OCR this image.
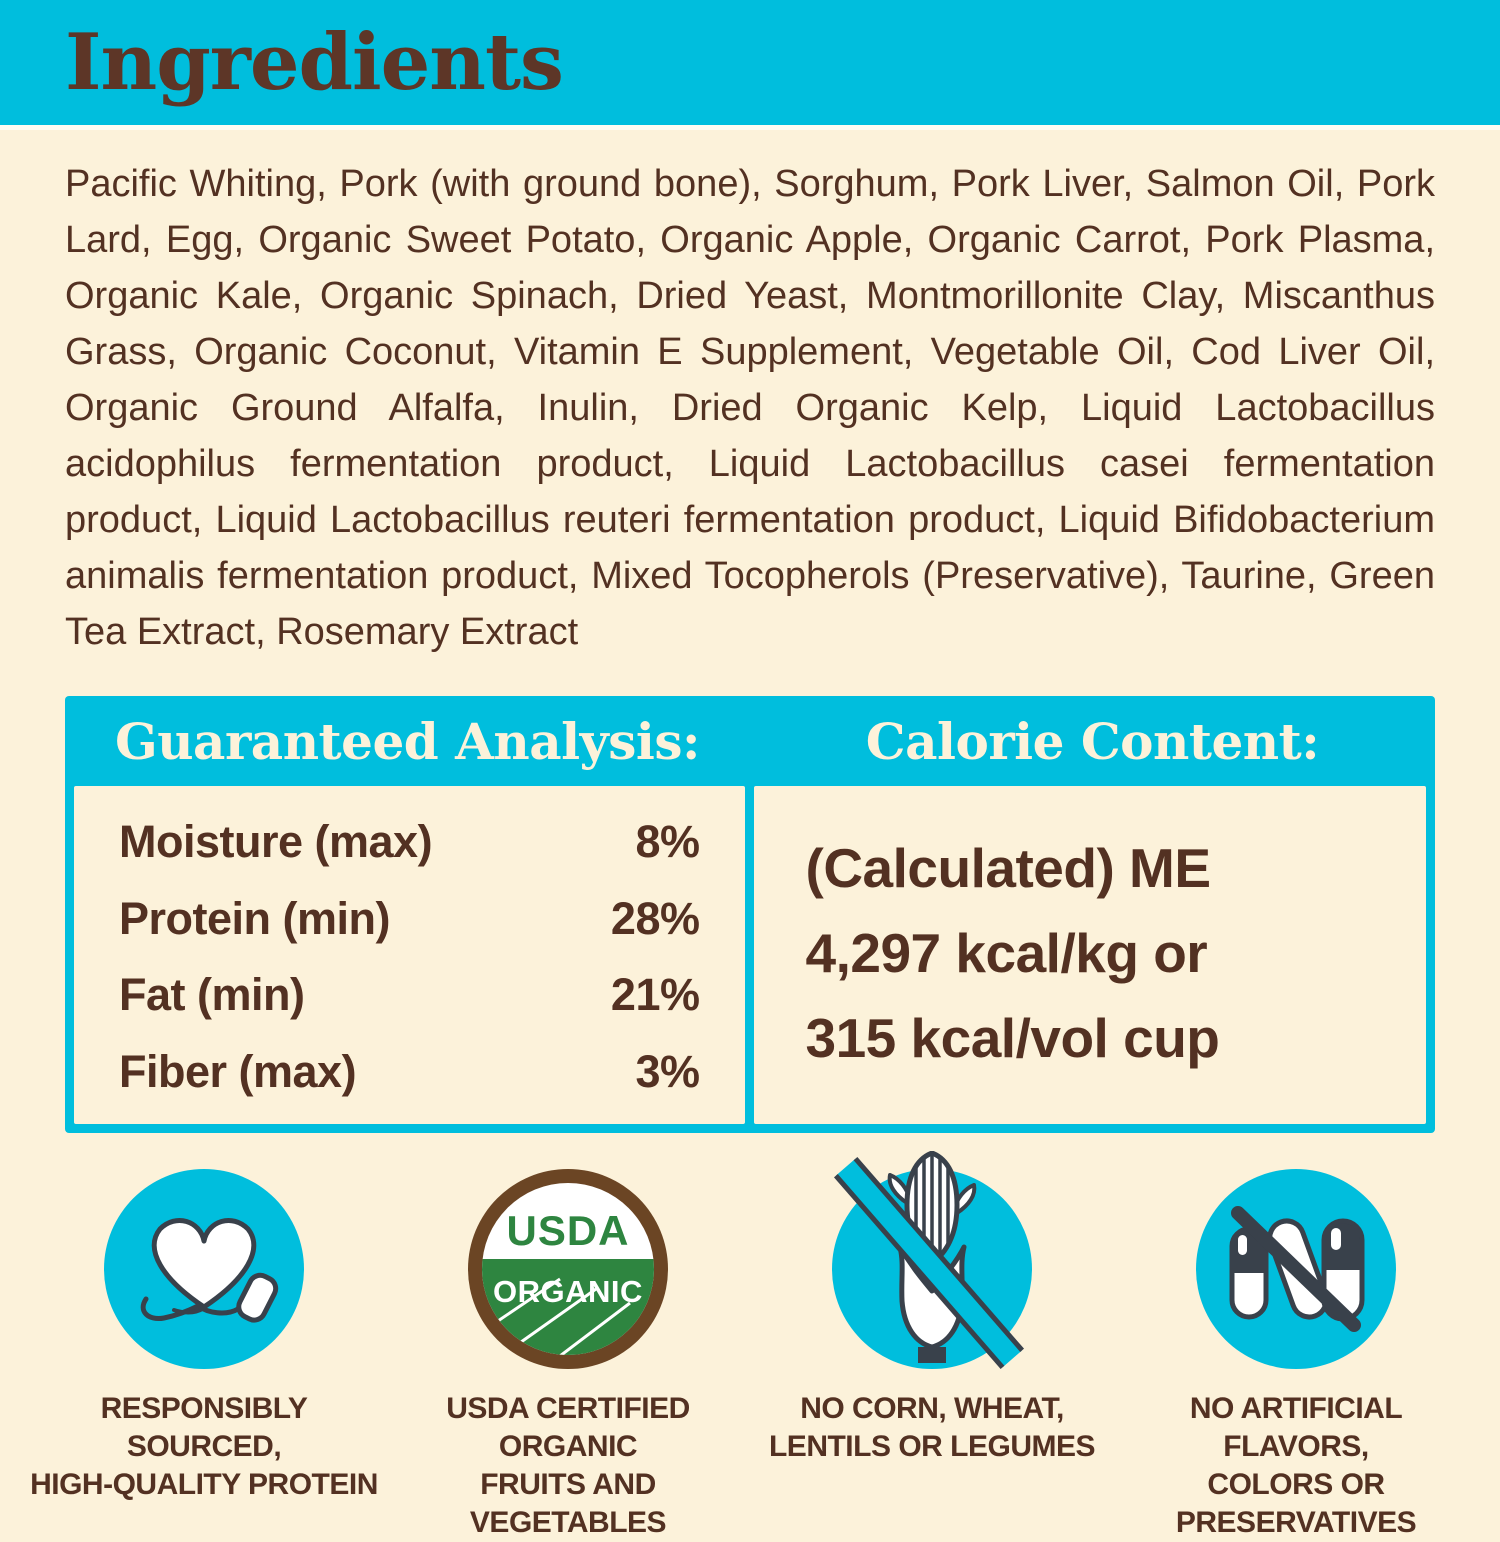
Ingredients

Pacific Whiting, Pork (with ground bone), Sorghum, Pork Liver, Salmon Oil, Pork Lard, Egg, Organic Sweet Potato, Organic Apple, Organic Carrot, Pork Plasma, Organic Kale, Organic Spinach, Dried Yeast, Montmorillonite Clay, Miscanthus Grass, Organic Coconut, Vitamin E Supplement, Vegetable Oil, Cod Liver Oil, Organic Ground Alfalfa, Inulin, Dried Organic Kelp, Liquid Lactobacillus acidophilus fermentation product, Liquid Lactobacillus casei fermentation product, Liquid Lactobacillus reuteri fermentation product, Liquid Bifidobacterium animalis fermentation product, Mixed Tocopherols (Preservative), Taurine, Green Tea Extract, Rosemary Extract

Guaranteed Analysis:	Calorie Content:
Moisture (max)	8%
Protein (min)	28%
Fat (min)	21%
Fiber (max)	3%
(Calculated) ME
4,297 kcal/kg or
315 kcal/vol cup
RESPONSIBLY SOURCED,
HIGH-QUALITY PROTEIN
USDA
ORGANIC
USDA CERTIFIED ORGANIC
FRUITS AND VEGETABLES
NO CORN, WHEAT,
LENTILS OR LEGUMES
NO ARTIFICIAL FLAVORS,
COLORS OR PRESERVATIVES
